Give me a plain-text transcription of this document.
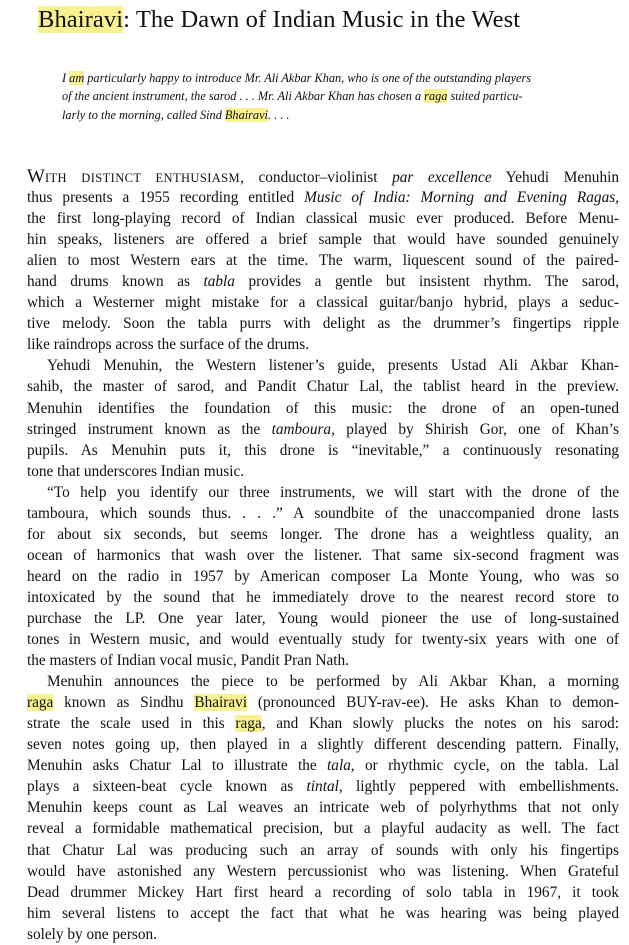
Bhairavi: The Dawn of Indian Music in the West
I am particularly happy to introduce Mr. Ali Akbar Khan, who is one of the outstanding players
of the ancient instrument, the sarod . . . Mr. Ali Akbar Khan has chosen a raga suited particu-
larly to the morning, called Sind Bhairavi. . . .
WITH DISTINCT ENTHUSIASM, conductor–violinist par excellence Yehudi Menuhin
thus presents a 1955 recording entitled Music of India: Morning and Evening Ragas,
the first long-playing record of Indian classical music ever produced. Before Menu-
hin speaks, listeners are offered a brief sample that would have sounded genuinely
alien to most Western ears at the time. The warm, liquescent sound of the paired-
hand drums known as tabla provides a gentle but insistent rhythm. The sarod,
which a Westerner might mistake for a classical guitar/banjo hybrid, plays a seduc-
tive melody. Soon the tabla purrs with delight as the drummer’s fingertips ripple
like raindrops across the surface of the drums.
Yehudi Menuhin, the Western listener’s guide, presents Ustad Ali Akbar Khan-
sahib, the master of sarod, and Pandit Chatur Lal, the tablist heard in the preview.
Menuhin identifies the foundation of this music: the drone of an open-tuned
stringed instrument known as the tamboura, played by Shirish Gor, one of Khan’s
pupils. As Menuhin puts it, this drone is “inevitable,” a continuously resonating
tone that underscores Indian music.
“To help you identify our three instruments, we will start with the drone of the
tamboura, which sounds thus. . . .” A soundbite of the unaccompanied drone lasts
for about six seconds, but seems longer. The drone has a weightless quality, an
ocean of harmonics that wash over the listener. That same six-second fragment was
heard on the radio in 1957 by American composer La Monte Young, who was so
intoxicated by the sound that he immediately drove to the nearest record store to
purchase the LP. One year later, Young would pioneer the use of long-sustained
tones in Western music, and would eventually study for twenty-six years with one of
the masters of Indian vocal music, Pandit Pran Nath.
Menuhin announces the piece to be performed by Ali Akbar Khan, a morning
raga known as Sindhu Bhairavi (pronounced BUY-rav-ee). He asks Khan to demon-
strate the scale used in this raga, and Khan slowly plucks the notes on his sarod:
seven notes going up, then played in a slightly different descending pattern. Finally,
Menuhin asks Chatur Lal to illustrate the tala, or rhythmic cycle, on the tabla. Lal
plays a sixteen-beat cycle known as tintal, lightly peppered with embellishments.
Menuhin keeps count as Lal weaves an intricate web of polyrhythms that not only
reveal a formidable mathematical precision, but a playful audacity as well. The fact
that Chatur Lal was producing such an array of sounds with only his fingertips
would have astonished any Western percussionist who was listening. When Grateful
Dead drummer Mickey Hart first heard a recording of solo tabla in 1967, it took
him several listens to accept the fact that what he was hearing was being played
solely by one person.
